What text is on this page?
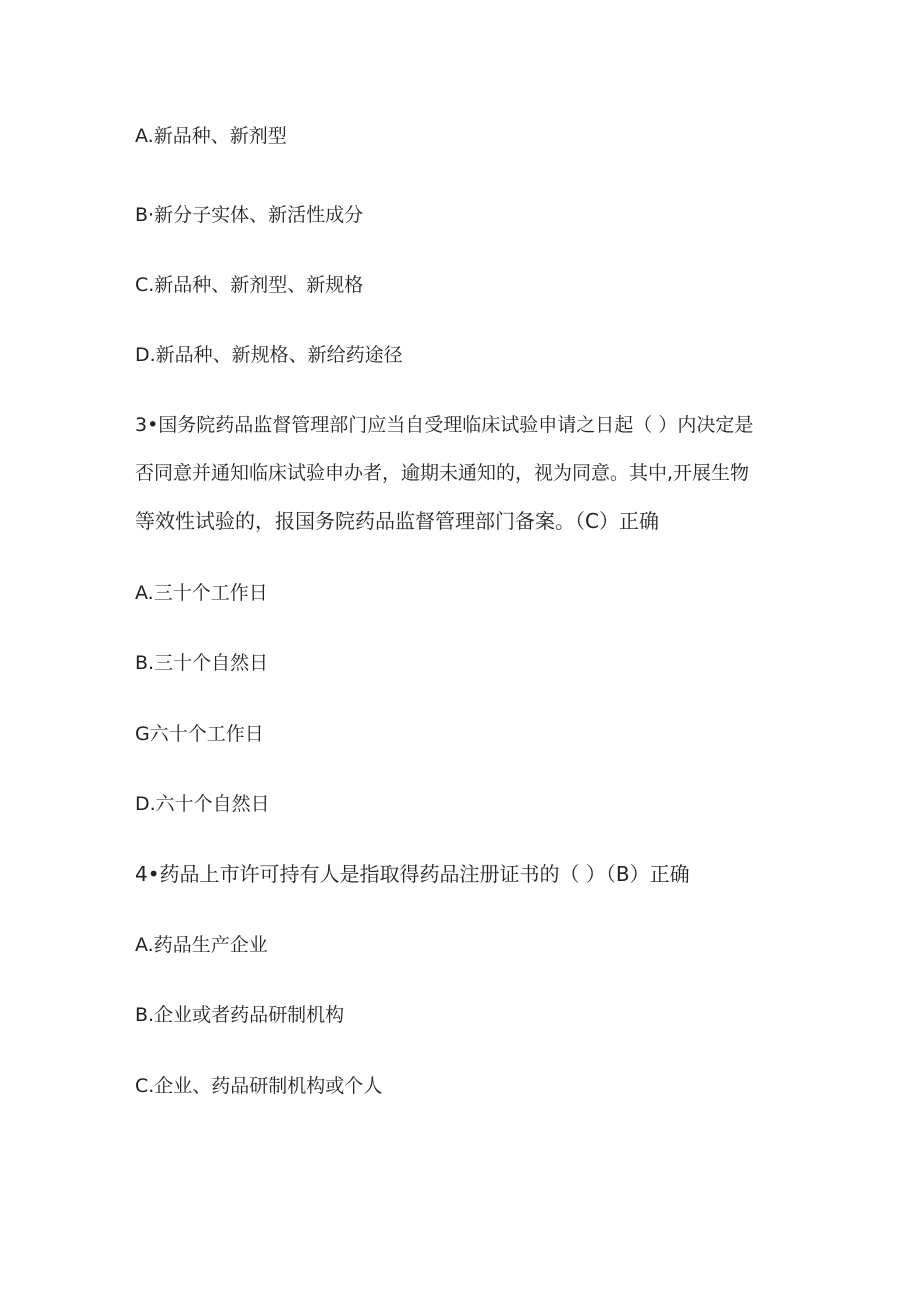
A.新品种、新剂型
B·新分子实体、新活性成分
C.新品种、新剂型、新规格
D.新品种、新规格、新给药途径
3•国务院药品监督管理部门应当自受理临床试验申请之日起（ ）内决定是
否同意并通知临床试验申办者，逾期未通知的，视为同意。其中,开展生物
等效性试验的，报国务院药品监督管理部门备案。（C）正确
A.三十个工作日
B.三十个自然日
G六十个工作日
D.六十个自然日
4•药品上市许可持有人是指取得药品注册证书的（ ）（B）正确
A.药品生产企业
B.企业或者药品研制机构
C.企业、药品研制机构或个人
